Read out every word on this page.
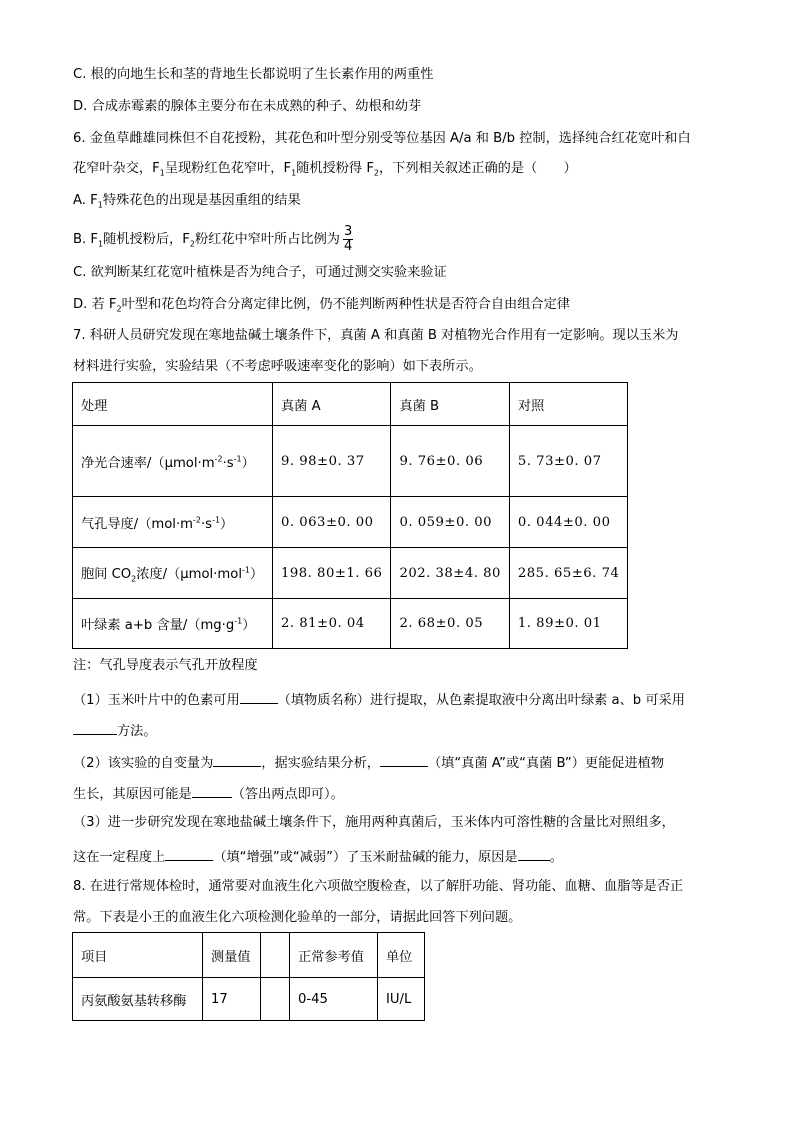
C. 根的向地生长和茎的背地生长都说明了生长素作用的两重性
D. 合成赤霉素的腺体主要分布在未成熟的种子、幼根和幼芽
6. 金鱼草雌雄同株但不自花授粉，其花色和叶型分别受等位基因 A/a 和 B/b 控制，选择纯合红花宽叶和白
花窄叶杂交，$F_1$呈现粉红色花窄叶，$F_1$随机授粉得 $F_2$，下列相关叙述正确的是（　　）
A. $F_1$特殊花色的出现是基因重组的结果
B. $F_1$随机授粉后，$F_2$粉红花中窄叶所占比例为 $\frac{3}{4}$
C. 欲判断某红花宽叶植株是否为纯合子，可通过测交实验来验证
D. 若 $F_2$叶型和花色均符合分离定律比例，仍不能判断两种性状是否符合自由组合定律
7. 科研人员研究发现在寒地盐碱土壤条件下，真菌 A 和真菌 B 对植物光合作用有一定影响。现以玉米为
材料进行实验，实验结果（不考虑呼吸速率变化的影响）如下表所示。
处理	真菌 A	真菌 B	对照
净光合速率$/(\mu mol\cdot m^{-2}\cdot s^{-1})$	9. 98±0. 37	9. 76±0. 06	5. 73±0. 07
气孔导度$/(mol\cdot m^{-2}\cdot s^{-1})$	0. 063±0. 00	0. 059±0. 00	0. 044±0. 00
胞间 $CO_2$浓度/（μmol·mol$^{-1}$）	198. 80±1. 66	202. 38±4. 80	285. 65±6. 74
叶绿素 a+b 含量$/(mg\cdot g^{-1})$	2. 81±0. 04	2. 68±0. 05	1. 89±0. 01
注：气孔导度表示气孔开放程度
（1）玉米叶片中的色素可用	（填物质名称）进行提取，从色素提取液中分离出叶绿素 a、b 可采用
方法。
（2）该实验的自变量为	，据实验结果分析，	（填“真菌 A”或“真菌 B”）更能促进植物
生长，其原因可能是	（答出两点即可）。
（3）进一步研究发现在寒地盐碱土壤条件下，施用两种真菌后，玉米体内可溶性糖的含量比对照组多，
这在一定程度上	（填“增强”或“减弱”）了玉米耐盐碱的能力，原因是 。
8. 在进行常规体检时，通常要对血液生化六项做空腹检查，以了解肝功能、肾功能、血糖、血脂等是否正
常。下表是小王的血液生化六项检测化验单的一部分，请据此回答下列问题。
项目	测量值		正常参考值	单位
丙氨酸氨基转移酶	17		0-45	IU/L
